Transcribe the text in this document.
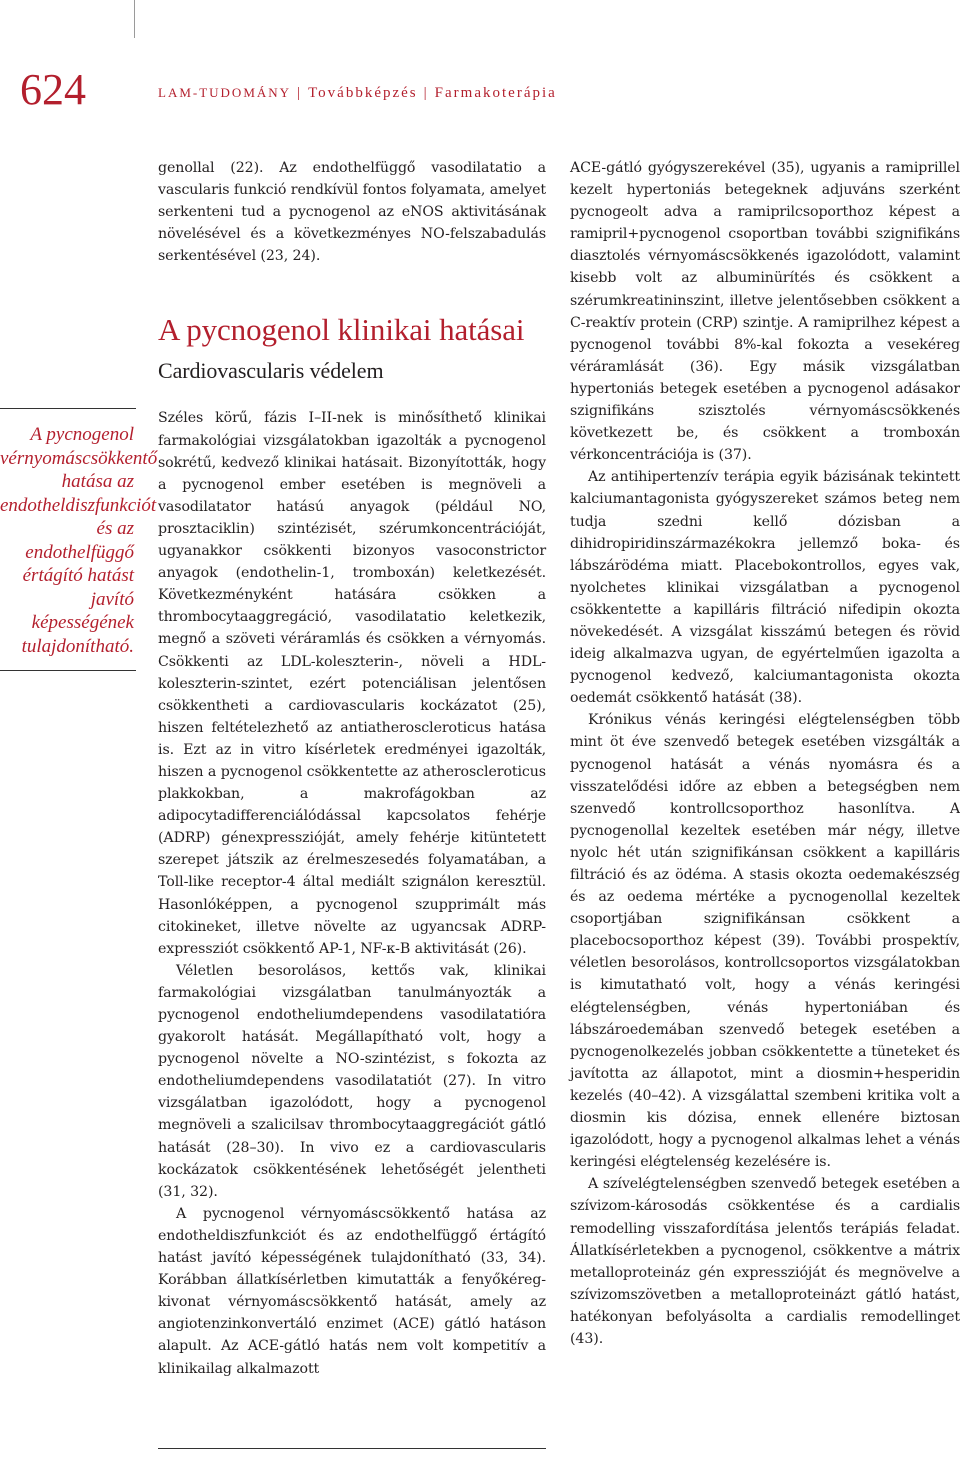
624	LAM-TUDOMÁNY | Továbbképzés | Farmakoterápia

A pycnogenol vérnyomáscsökkentő hatása az endotheldiszfunkciót és az endothelfüggő értágító hatást javító képességének tulajdonítható.

genollal (22). Az endothelfüggő vasodilatatio a vascularis funkció rendkívül fontos folyamata, amelyet serkenteni tud a pycnogenol az eNOS aktivitásának növelésével és a következményes NO-felszabadulás serkentésével (23, 24).

A pycnogenol klinikai hatásai
Cardiovascularis védelem

Széles körű, fázis I–II-nek is minősíthető klinikai farmakológiai vizsgálatokban igazolták a pycnogenol sokrétű, kedvező klinikai hatásait. Bizonyították, hogy a pycnogenol ember esetében is megnöveli a vasodilatator hatású anyagok (például NO, prosztaciklin) szintézisét, szérumkoncentrációját, ugyanakkor csökkenti bizonyos vasoconstrictor anyagok (endothelin-1, tromboxán) keletkezését. Következményként hatására csökken a thrombocytaaggregáció, vasodilatatio keletkezik, megnő a szöveti véráramlás és csökken a vérnyomás. Csökkenti az LDL-koleszterin-, növeli a HDL-koleszterin-szintet, ezért potenciálisan jelentősen csökkentheti a cardiovascularis kockázatot (25), hiszen feltételezhető az antiatheroscleroticus hatása is. Ezt az in vitro kísérletek eredményei igazolták, hiszen a pycnogenol csökkentette az atheroscleroticus plakkokban, a makrofágokban az adipocytadifferenciálódással kapcsolatos fehérje (ADRP) génexpresszióját, amely fehérje kitüntetett szerepet játszik az érelmeszesedés folyamatában, a Toll-like receptor-4 által mediált szignálon keresztül. Hasonlóképpen, a pycnogenol szupprimált más citokineket, illetve növelte az ugyancsak ADRP-expressziót csökkentő AP-1, NF-κ-B aktivitását (26).

Véletlen besorolásos, kettős vak, klinikai farmakológiai vizsgálatban tanulmányozták a pycnogenol endotheliumdependens vasodilatatióra gyakorolt hatását. Megállapítható volt, hogy a pycnogenol növelte a NO-szintézist, s fokozta az endotheliumdependens vasodilatatiót (27). In vitro vizsgálatban igazolódott, hogy a pycnogenol megnöveli a szalicilsav thrombocytaaggregációt gátló hatását (28–30). In vivo ez a cardiovascularis kockázatok csökkentésének lehetőségét jelentheti (31, 32).

A pycnogenol vérnyomáscsökkentő hatása az endotheldiszfunkciót és az endothelfüggő értágító hatást javító képességének tulajdonítható (33, 34). Korábban állatkísérletben kimutatták a fenyőkéreg-kivonat vérnyomáscsökkentő hatását, amely az angiotenzinkonvertáló enzimet (ACE) gátló hatáson alapult. Az ACE-gátló hatás nem volt kompetitív a klinikailag alkalmazott

ACE-gátló gyógyszerekével (35), ugyanis a ramiprillel kezelt hypertoniás betegeknek adjuváns szerként pycnogeolt adva a ramiprilcsoporthoz képest a ramipril+pycnogenol csoportban további szignifikáns diasztolés vérnyomáscsökkenés igazolódott, valamint kisebb volt az albuminürítés és csökkent a szérumkreatininszint, illetve jelentősebben csökkent a C-reaktív protein (CRP) szintje. A ramiprilhez képest a pycnogenol további 8%-kal fokozta a vesekéreg véráramlását (36). Egy másik vizsgálatban hypertoniás betegek esetében a pycnogenol adásakor szignifikáns szisztolés vérnyomáscsökkenés következett be, és csökkent a tromboxán vérkoncentrációja is (37).

Az antihipertenzív terápia egyik bázisának tekintett kalciumantagonista gyógyszereket számos beteg nem tudja szedni kellő dózisban a dihidropiridinszármazékokra jellemző boka- és lábszárödéma miatt. Placebokontrollos, egyes vak, nyolchetes klinikai vizsgálatban a pycnogenol csökkentette a kapilláris filtráció nifedipin okozta növekedését. A vizsgálat kisszámú betegen és rövid ideig alkalmazva ugyan, de egyértelműen igazolta a pycnogenol kedvező, kalciumantagonista okozta oedemát csökkentő hatását (38).

Krónikus vénás keringési elégtelenségben több mint öt éve szenvedő betegek esetében vizsgálták a pycnogenol hatását a vénás nyomásra és a visszatelődési időre az ebben a betegségben nem szenvedő kontrollcsoporthoz hasonlítva. A pycnogenollal kezeltek esetében már négy, illetve nyolc hét után szignifikánsan csökkent a kapilláris filtráció és az ödéma. A stasis okozta oedemakészség és az oedema mértéke a pycnogenollal kezeltek csoportjában szignifikánsan csökkent a placebocsoporthoz képest (39). További prospektív, véletlen besorolásos, kontrollcsoportos vizsgálatokban is kimutatható volt, hogy a vénás keringési elégtelenségben, vénás hypertoniában és lábszároedemában szenvedő betegek esetében a pycnogenolkezelés jobban csökkentette a tüneteket és javította az állapotot, mint a diosmin+hesperidin kezelés (40–42). A vizsgálattal szembeni kritika volt a diosmin kis dózisa, ennek ellenére biztosan igazolódott, hogy a pycnogenol alkalmas lehet a vénás keringési elégtelenség kezelésére is.

A szívelégtelenségben szenvedő betegek esetében a szívizom-károsodás csökkentése és a cardialis remodelling visszafordítása jelentős terápiás feladat. Állatkísérletekben a pycnogenol, csökkentve a mátrix metalloproteináz gén expresszióját és megnövelve a szívizomszövetben a metalloproteinázt gátló hatást, hatékonyan befolyásolta a cardialis remodellinget (43).
